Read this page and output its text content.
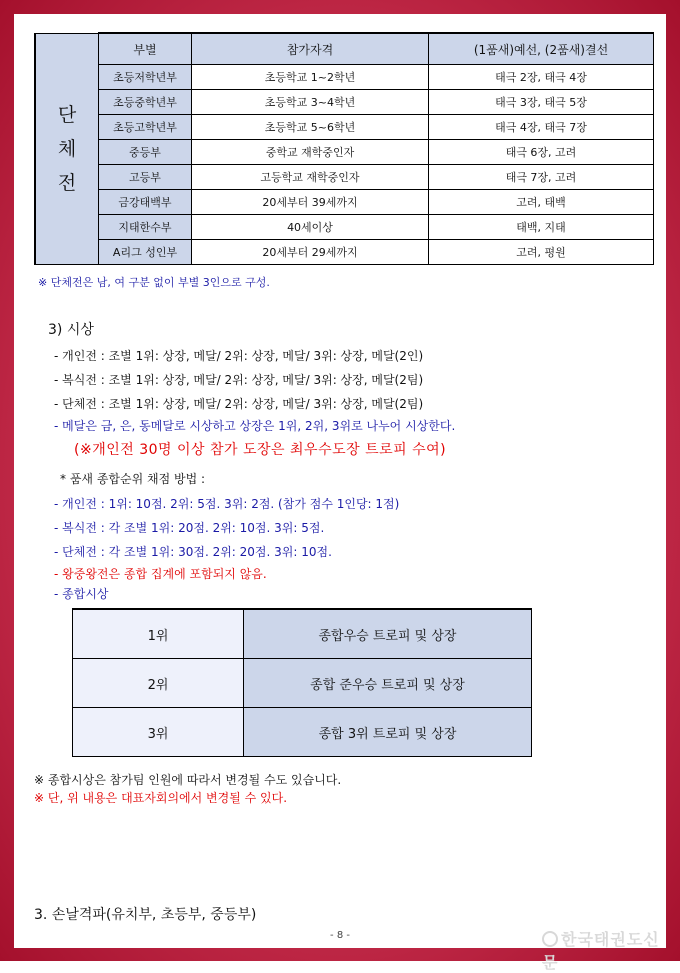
단
체
전	부별	참가자격	(1품새)예선, (2품새)결선
	초등저학년부	초등학교 1~2학년	태극 2장, 태극 4장
	초등중학년부	초등학교 3~4학년	태극 3장, 태극 5장
	초등고학년부	초등학교 5~6학년	태극 4장, 태극 7장
	중등부	중학교 재학중인자	태극 6장, 고려
	고등부	고등학교 재학중인자	태극 7장, 고려
	금강태백부	20세부터 39세까지	고려, 태백
	지태한수부	40세이상	태백, 지태
	A리그 성인부	20세부터 29세까지	고려, 평원
※ 단체전은 남, 여 구분 없이 부별 3인으로 구성.
3) 시상
- 개인전 : 조별 1위: 상장, 메달/ 2위: 상장, 메달/ 3위: 상장, 메달(2인)
- 복식전 : 조별 1위: 상장, 메달/ 2위: 상장, 메달/ 3위: 상장, 메달(2팀)
- 단체전 : 조별 1위: 상장, 메달/ 2위: 상장, 메달/ 3위: 상장, 메달(2팀)
- 메달은 금, 은, 동메달로 시상하고 상장은 1위, 2위, 3위로 나누어 시상한다.
(※개인전 30명 이상 참가 도장은 최우수도장 트로피 수여)
* 품새 종합순위 채점 방법 :
- 개인전 : 1위: 10점. 2위: 5점. 3위: 2점. (참가 점수 1인당: 1점)
- 복식전 : 각 조별 1위: 20점. 2위: 10점. 3위: 5점.
- 단체전 : 각 조별 1위: 30점. 2위: 20점. 3위: 10점.
- 왕중왕전은 종합 집계에 포함되지 않음.
- 종합시상
1위	종합우승 트로피 및 상장
2위	종합 준우승 트로피 및 상장
3위	종합 3위 트로피 및 상장
※ 종합시상은 참가팀 인원에 따라서 변경될 수도 있습니다.
※ 단, 위 내용은 대표자회의에서 변경될 수 있다.
3. 손날격파(유치부, 초등부, 중등부)
- 8 -	한국태권도신문
